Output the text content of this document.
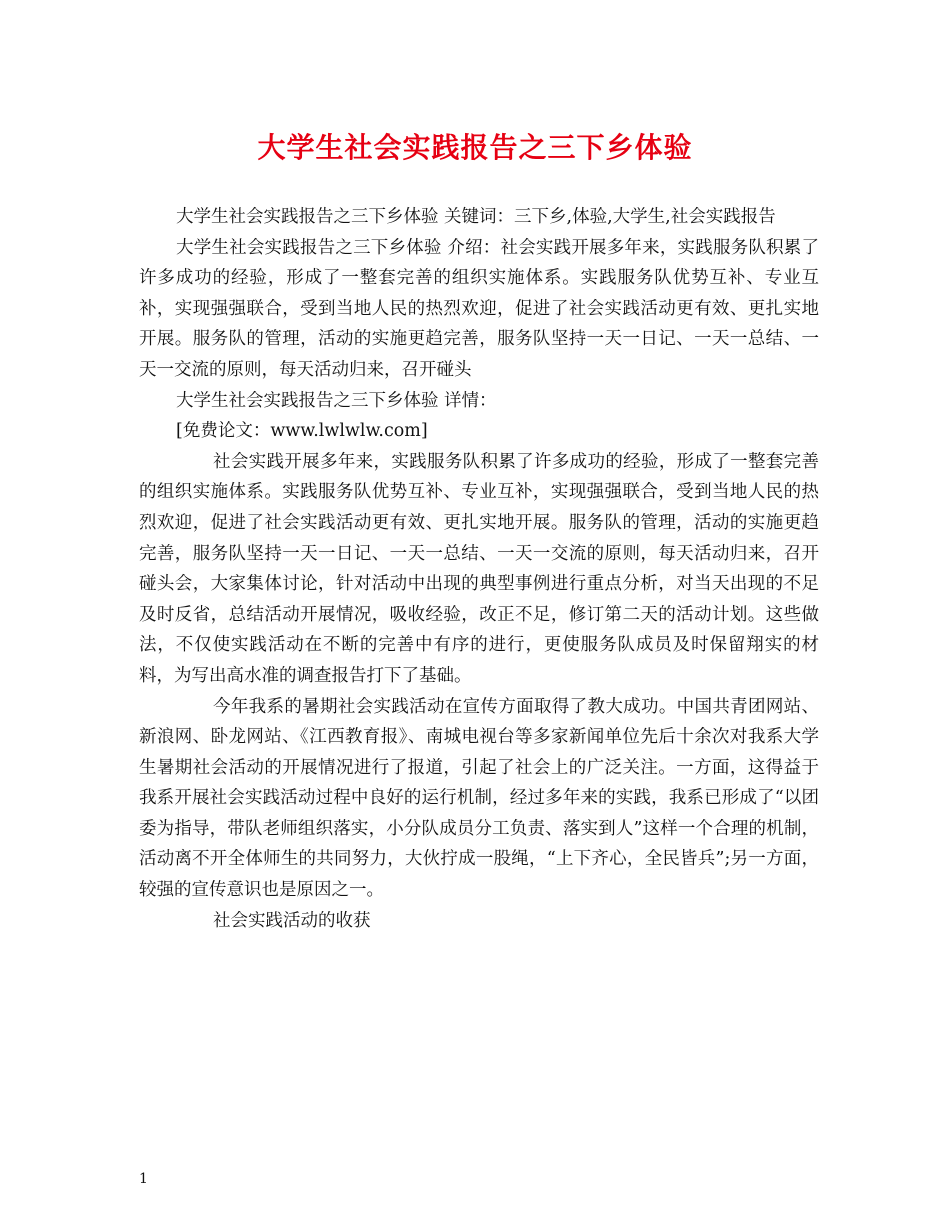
大学生社会实践报告之三下乡体验

大学生社会实践报告之三下乡体验 关键词：三下乡,体验,大学生,社会实践报告

大学生社会实践报告之三下乡体验 介绍：社会实践开展多年来，实践服务队积累了许多成功的经验，形成了一整套完善的组织实施体系。实践服务队优势互补、专业互补，实现强强联合，受到当地人民的热烈欢迎，促进了社会实践活动更有效、更扎实地开展。服务队的管理，活动的实施更趋完善，服务队坚持一天一日记、一天一总结、一天一交流的原则，每天活动归来，召开碰头

大学生社会实践报告之三下乡体验 详情：

[免费论文：www.lwlwlw.com]

社会实践开展多年来，实践服务队积累了许多成功的经验，形成了一整套完善的组织实施体系。实践服务队优势互补、专业互补，实现强强联合，受到当地人民的热烈欢迎，促进了社会实践活动更有效、更扎实地开展。服务队的管理，活动的实施更趋完善，服务队坚持一天一日记、一天一总结、一天一交流的原则，每天活动归来，召开碰头会，大家集体讨论，针对活动中出现的典型事例进行重点分析，对当天出现的不足及时反省，总结活动开展情况，吸收经验，改正不足，修订第二天的活动计划。这些做法，不仅使实践活动在不断的完善中有序的进行，更使服务队成员及时保留翔实的材料，为写出高水准的调查报告打下了基础。

今年我系的暑期社会实践活动在宣传方面取得了教大成功。中国共青团网站、新浪网、卧龙网站、《江西教育报》、南城电视台等多家新闻单位先后十余次对我系大学生暑期社会活动的开展情况进行了报道，引起了社会上的广泛关注。一方面，这得益于我系开展社会实践活动过程中良好的运行机制，经过多年来的实践，我系已形成了“以团委为指导，带队老师组织落实，小分队成员分工负责、落实到人”这样一个合理的机制，活动离不开全体师生的共同努力，大伙拧成一股绳，“上下齐心，全民皆兵”;另一方面，较强的宣传意识也是原因之一。

社会实践活动的收获

1
